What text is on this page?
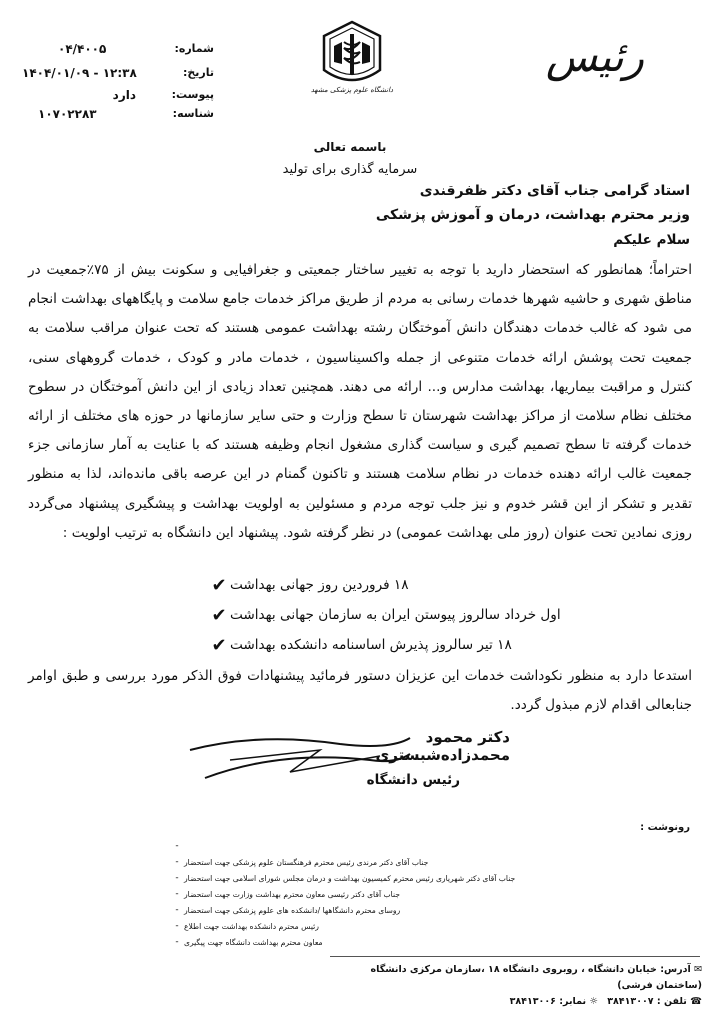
شماره:
۰۴/۴۰۰۵
تاریخ:
۱۴۰۴/۰۱/۰۹ - ۱۲:۳۸
پیوست:
دارد
شناسه:
۱۰۷۰۲۲۸۳
دانشگاه علوم پزشکی مشهد
رئیس
باسمه تعالی
سرمایه گذاری برای تولید
استاد گرامی جناب آقای دکتر ظفرقندی
وزیر محترم بهداشت، درمان و آموزش پزشکی
سلام علیکم
احتراماً؛ همانطور که استحضار دارید با توجه به تغییر ساختار جمعیتی و جغرافیایی و سکونت بیش از ۷۵٪جمعیت در مناطق شهری و حاشیه شهرها خدمات رسانی به مردم از طریق مراکز خدمات جامع سلامت و پایگاههای بهداشت انجام می شود که غالب خدمات دهندگان دانش آموختگان رشته بهداشت عمومی هستند که تحت عنوان مراقب سلامت به جمعیت تحت پوشش ارائه خدمات متنوعی از جمله واکسیناسیون ، خدمات مادر و کودک ، خدمات گروههای سنی، کنترل و مراقبت بیماریها، بهداشت مدارس و... ارائه می دهند. همچنین تعداد زیادی از این دانش آموختگان در سطوح مختلف نظام سلامت از مراکز بهداشت شهرستان تا سطح وزارت و حتی سایر سازمانها در حوزه های مختلف از ارائه خدمات گرفته تا سطح تصمیم گیری و سیاست گذاری مشغول انجام وظیفه هستند که با عنایت به آمار سازمانی جزء جمعیت غالب ارائه دهنده خدمات در نظام سلامت هستند و تاکنون گمنام در این عرصه باقی مانده‌اند، لذا به منظور تقدیر و تشکر از این قشر خدوم و نیز جلب توجه مردم و مسئولین به اولویت بهداشت و پیشگیری پیشنهاد می‌گردد روزی نمادین تحت عنوان (روز ملی بهداشت عمومی) در نظر گرفته شود. پیشنهاد این دانشگاه به ترتیب اولویت :
✔ ۱۸ فروردین روز جهانی بهداشت
✔ اول خرداد سالروز پیوستن ایران به سازمان جهانی بهداشت
✔ ۱۸ تیر سالروز پذیرش اساسنامه دانشکده بهداشت
استدعا دارد به منظور نکوداشت خدمات این عزیزان دستور فرمائید پیشنهادات فوق الذکر مورد بررسی و طبق اوامر جنابعالی اقدام لازم مبذول گردد.
دکتر محمود محمدزاده‌شبستری
رئیس دانشگاه
رونوشت :
-
- جناب آقای دکتر مرندی رئیس محترم فرهنگستان علوم پزشکی جهت استحضار
- جناب آقای دکتر شهریاری رئیس محترم کمیسیون بهداشت و درمان مجلس شورای اسلامی جهت استحضار
- جناب آقای دکتر رئیسی معاون محترم بهداشت وزارت جهت استحضار
- روسای محترم دانشگاهها /دانشکده های علوم پزشکی جهت استحضار
- رئیس محترم دانشکده بهداشت جهت اطلاع
- معاون محترم بهداشت دانشگاه جهت پیگیری
✉ آدرس: خیابان دانشگاه ، روبروی دانشگاه ۱۸ ،سازمان مرکزی دانشگاه (ساختمان فرشی)
☎ تلفن : ۳۸۴۱۳۰۰۷ ☼ نمابر: ۳۸۴۱۳۰۰۶
